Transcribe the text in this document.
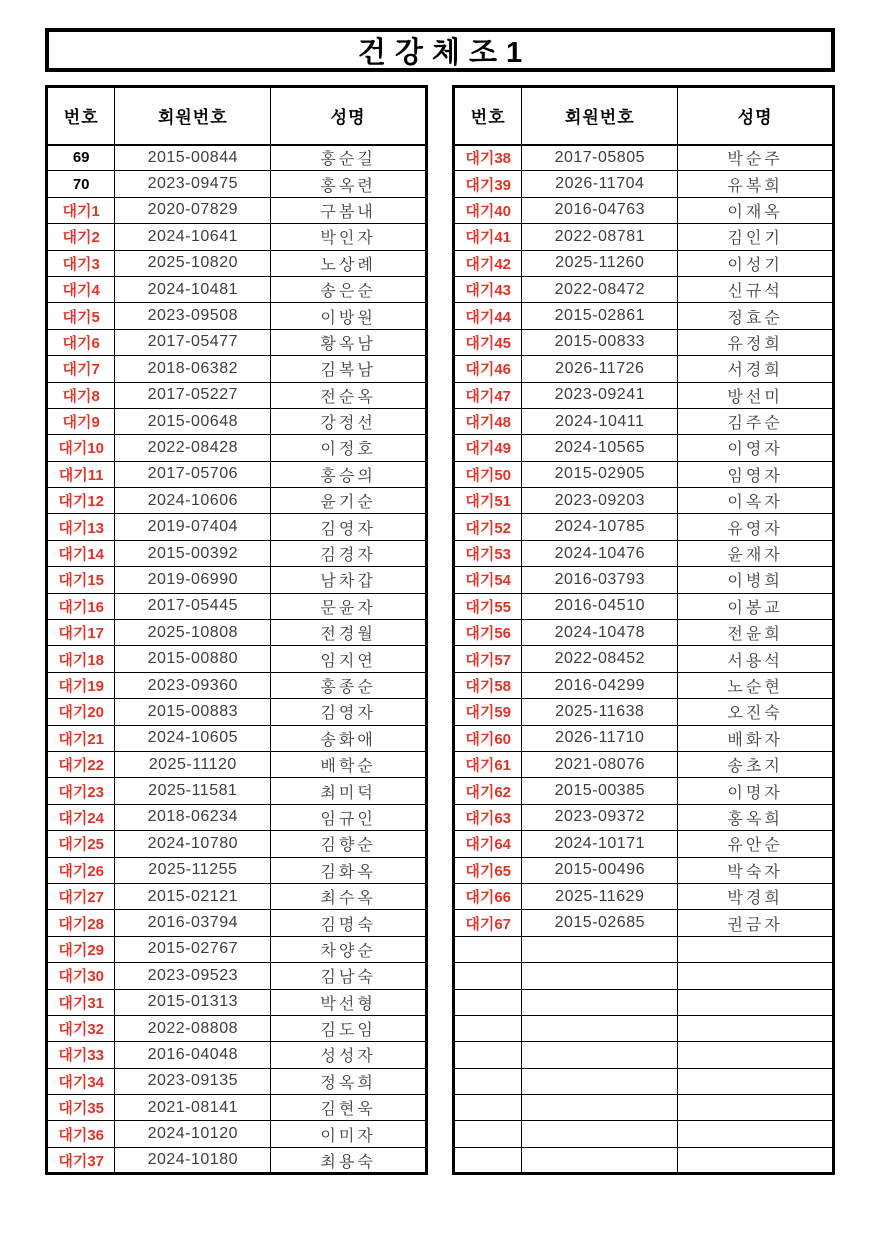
건강체조1
번호	회원번호	성명
69	2015-00844	홍순길
70	2023-09475	홍옥련
대기1	2020-07829	구봄내
대기2	2024-10641	박인자
대기3	2025-10820	노상례
대기4	2024-10481	송은순
대기5	2023-09508	이방원
대기6	2017-05477	황옥남
대기7	2018-06382	김복남
대기8	2017-05227	전순옥
대기9	2015-00648	강정선
대기10	2022-08428	이정호
대기11	2017-05706	홍승의
대기12	2024-10606	윤기순
대기13	2019-07404	김영자
대기14	2015-00392	김경자
대기15	2019-06990	남차갑
대기16	2017-05445	문윤자
대기17	2025-10808	전경월
대기18	2015-00880	임지연
대기19	2023-09360	홍종순
대기20	2015-00883	김영자
대기21	2024-10605	송화애
대기22	2025-11120	배학순
대기23	2025-11581	최미덕
대기24	2018-06234	임규인
대기25	2024-10780	김향순
대기26	2025-11255	김화옥
대기27	2015-02121	최수옥
대기28	2016-03794	김명숙
대기29	2015-02767	차양순
대기30	2023-09523	김남숙
대기31	2015-01313	박선형
대기32	2022-08808	김도임
대기33	2016-04048	성성자
대기34	2023-09135	정옥희
대기35	2021-08141	김현욱
대기36	2024-10120	이미자
대기37	2024-10180	최용숙
번호	회원번호	성명
대기38	2017-05805	박순주
대기39	2026-11704	유복희
대기40	2016-04763	이재옥
대기41	2022-08781	김인기
대기42	2025-11260	이성기
대기43	2022-08472	신규석
대기44	2015-02861	정효순
대기45	2015-00833	유정희
대기46	2026-11726	서경희
대기47	2023-09241	방선미
대기48	2024-10411	김주순
대기49	2024-10565	이영자
대기50	2015-02905	임영자
대기51	2023-09203	이옥자
대기52	2024-10785	유영자
대기53	2024-10476	윤재자
대기54	2016-03793	이병희
대기55	2016-04510	이봉교
대기56	2024-10478	전윤희
대기57	2022-08452	서용석
대기58	2016-04299	노순현
대기59	2025-11638	오진숙
대기60	2026-11710	배화자
대기61	2021-08076	송초지
대기62	2015-00385	이명자
대기63	2023-09372	홍옥희
대기64	2024-10171	유안순
대기65	2015-00496	박숙자
대기66	2025-11629	박경희
대기67	2015-02685	권금자
